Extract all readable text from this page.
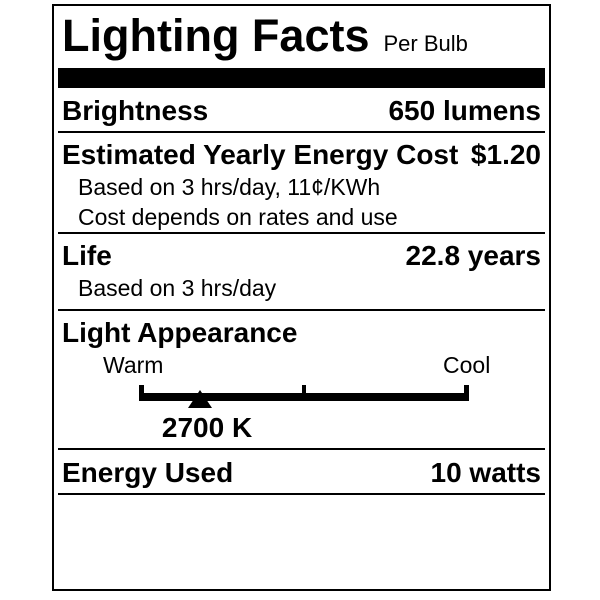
Lighting Facts Per Bulb
Brightness	650 lumens
Estimated Yearly Energy Cost $1.20
Based on 3 hrs/day, 11¢/KWh
Cost depends on rates and use
Life	22.8 years
Based on 3 hrs/day
Light Appearance
Warm	Cool
2700 K
Energy Used	10 watts
